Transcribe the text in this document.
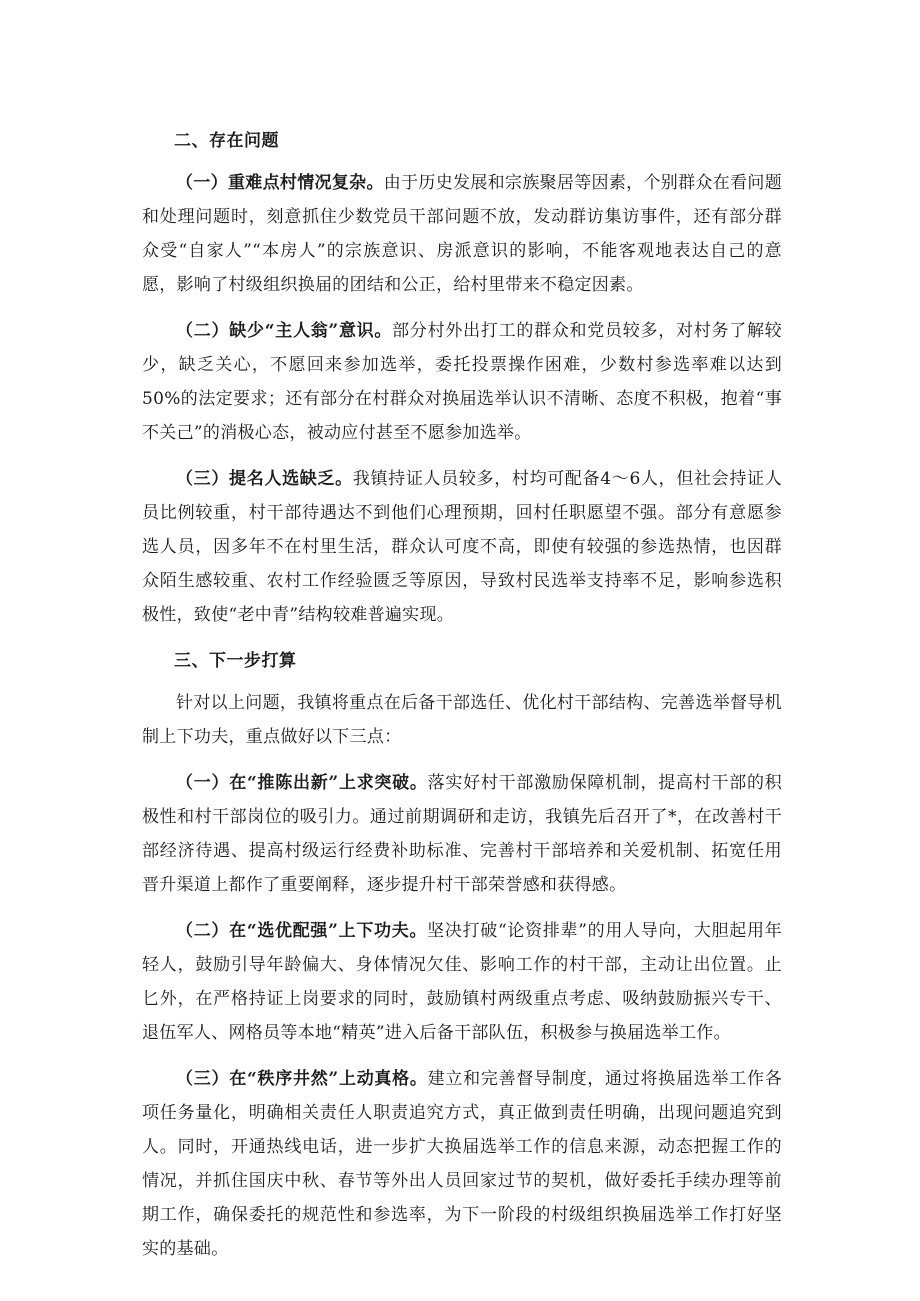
二、存在问题

（一）重难点村情况复杂。由于历史发展和宗族聚居等因素，个别群众在看问题和处理问题时，刻意抓住少数党员干部问题不放，发动群访集访事件，还有部分群众受“自家人”“本房人”的宗族意识、房派意识的影响，不能客观地表达自己的意愿，影响了村级组织换届的团结和公正，给村里带来不稳定因素。

（二）缺少“主人翁”意识。部分村外出打工的群众和党员较多，对村务了解较少，缺乏关心，不愿回来参加选举，委托投票操作困难，少数村参选率难以达到50%的法定要求；还有部分在村群众对换届选举认识不清晰、态度不积极，抱着“事不关己”的消极心态，被动应付甚至不愿参加选举。

（三）提名人选缺乏。我镇持证人员较多，村均可配备4〜6人，但社会持证人员比例较重，村干部待遇达不到他们心理预期，回村任职愿望不强。部分有意愿参选人员，因多年不在村里生活，群众认可度不高，即使有较强的参选热情，也因群众陌生感较重、农村工作经验匮乏等原因，导致村民选举支持率不足，影响参选积极性，致使“老中青”结构较难普遍实现。

三、下一步打算

针对以上问题，我镇将重点在后备干部选任、优化村干部结构、完善选举督导机制上下功夫，重点做好以下三点：

（一）在“推陈出新”上求突破。落实好村干部激励保障机制，提高村干部的积极性和村干部岗位的吸引力。通过前期调研和走访，我镇先后召开了*，在改善村干部经济待遇、提高村级运行经费补助标准、完善村干部培养和关爱机制、拓宽任用晋升渠道上都作了重要阐释，逐步提升村干部荣誉感和获得感。

（二）在“选优配强”上下功夫。坚决打破“论资排辈”的用人导向，大胆起用年轻人，鼓励引导年龄偏大、身体情况欠佳、影响工作的村干部，主动让出位置。止匕外，在严格持证上岗要求的同时，鼓励镇村两级重点考虑、吸纳鼓励振兴专干、退伍军人、网格员等本地“精英”进入后备干部队伍，积极参与换届选举工作。

（三）在“秩序井然”上动真格。建立和完善督导制度，通过将换届选举工作各项任务量化，明确相关责任人职责追究方式，真正做到责任明确，出现问题追究到人。同时，开通热线电话，进一步扩大换届选举工作的信息来源，动态把握工作的情况，并抓住国庆中秋、春节等外出人员回家过节的契机，做好委托手续办理等前期工作，确保委托的规范性和参选率，为下一阶段的村级组织换届选举工作打好坚实的基础。
